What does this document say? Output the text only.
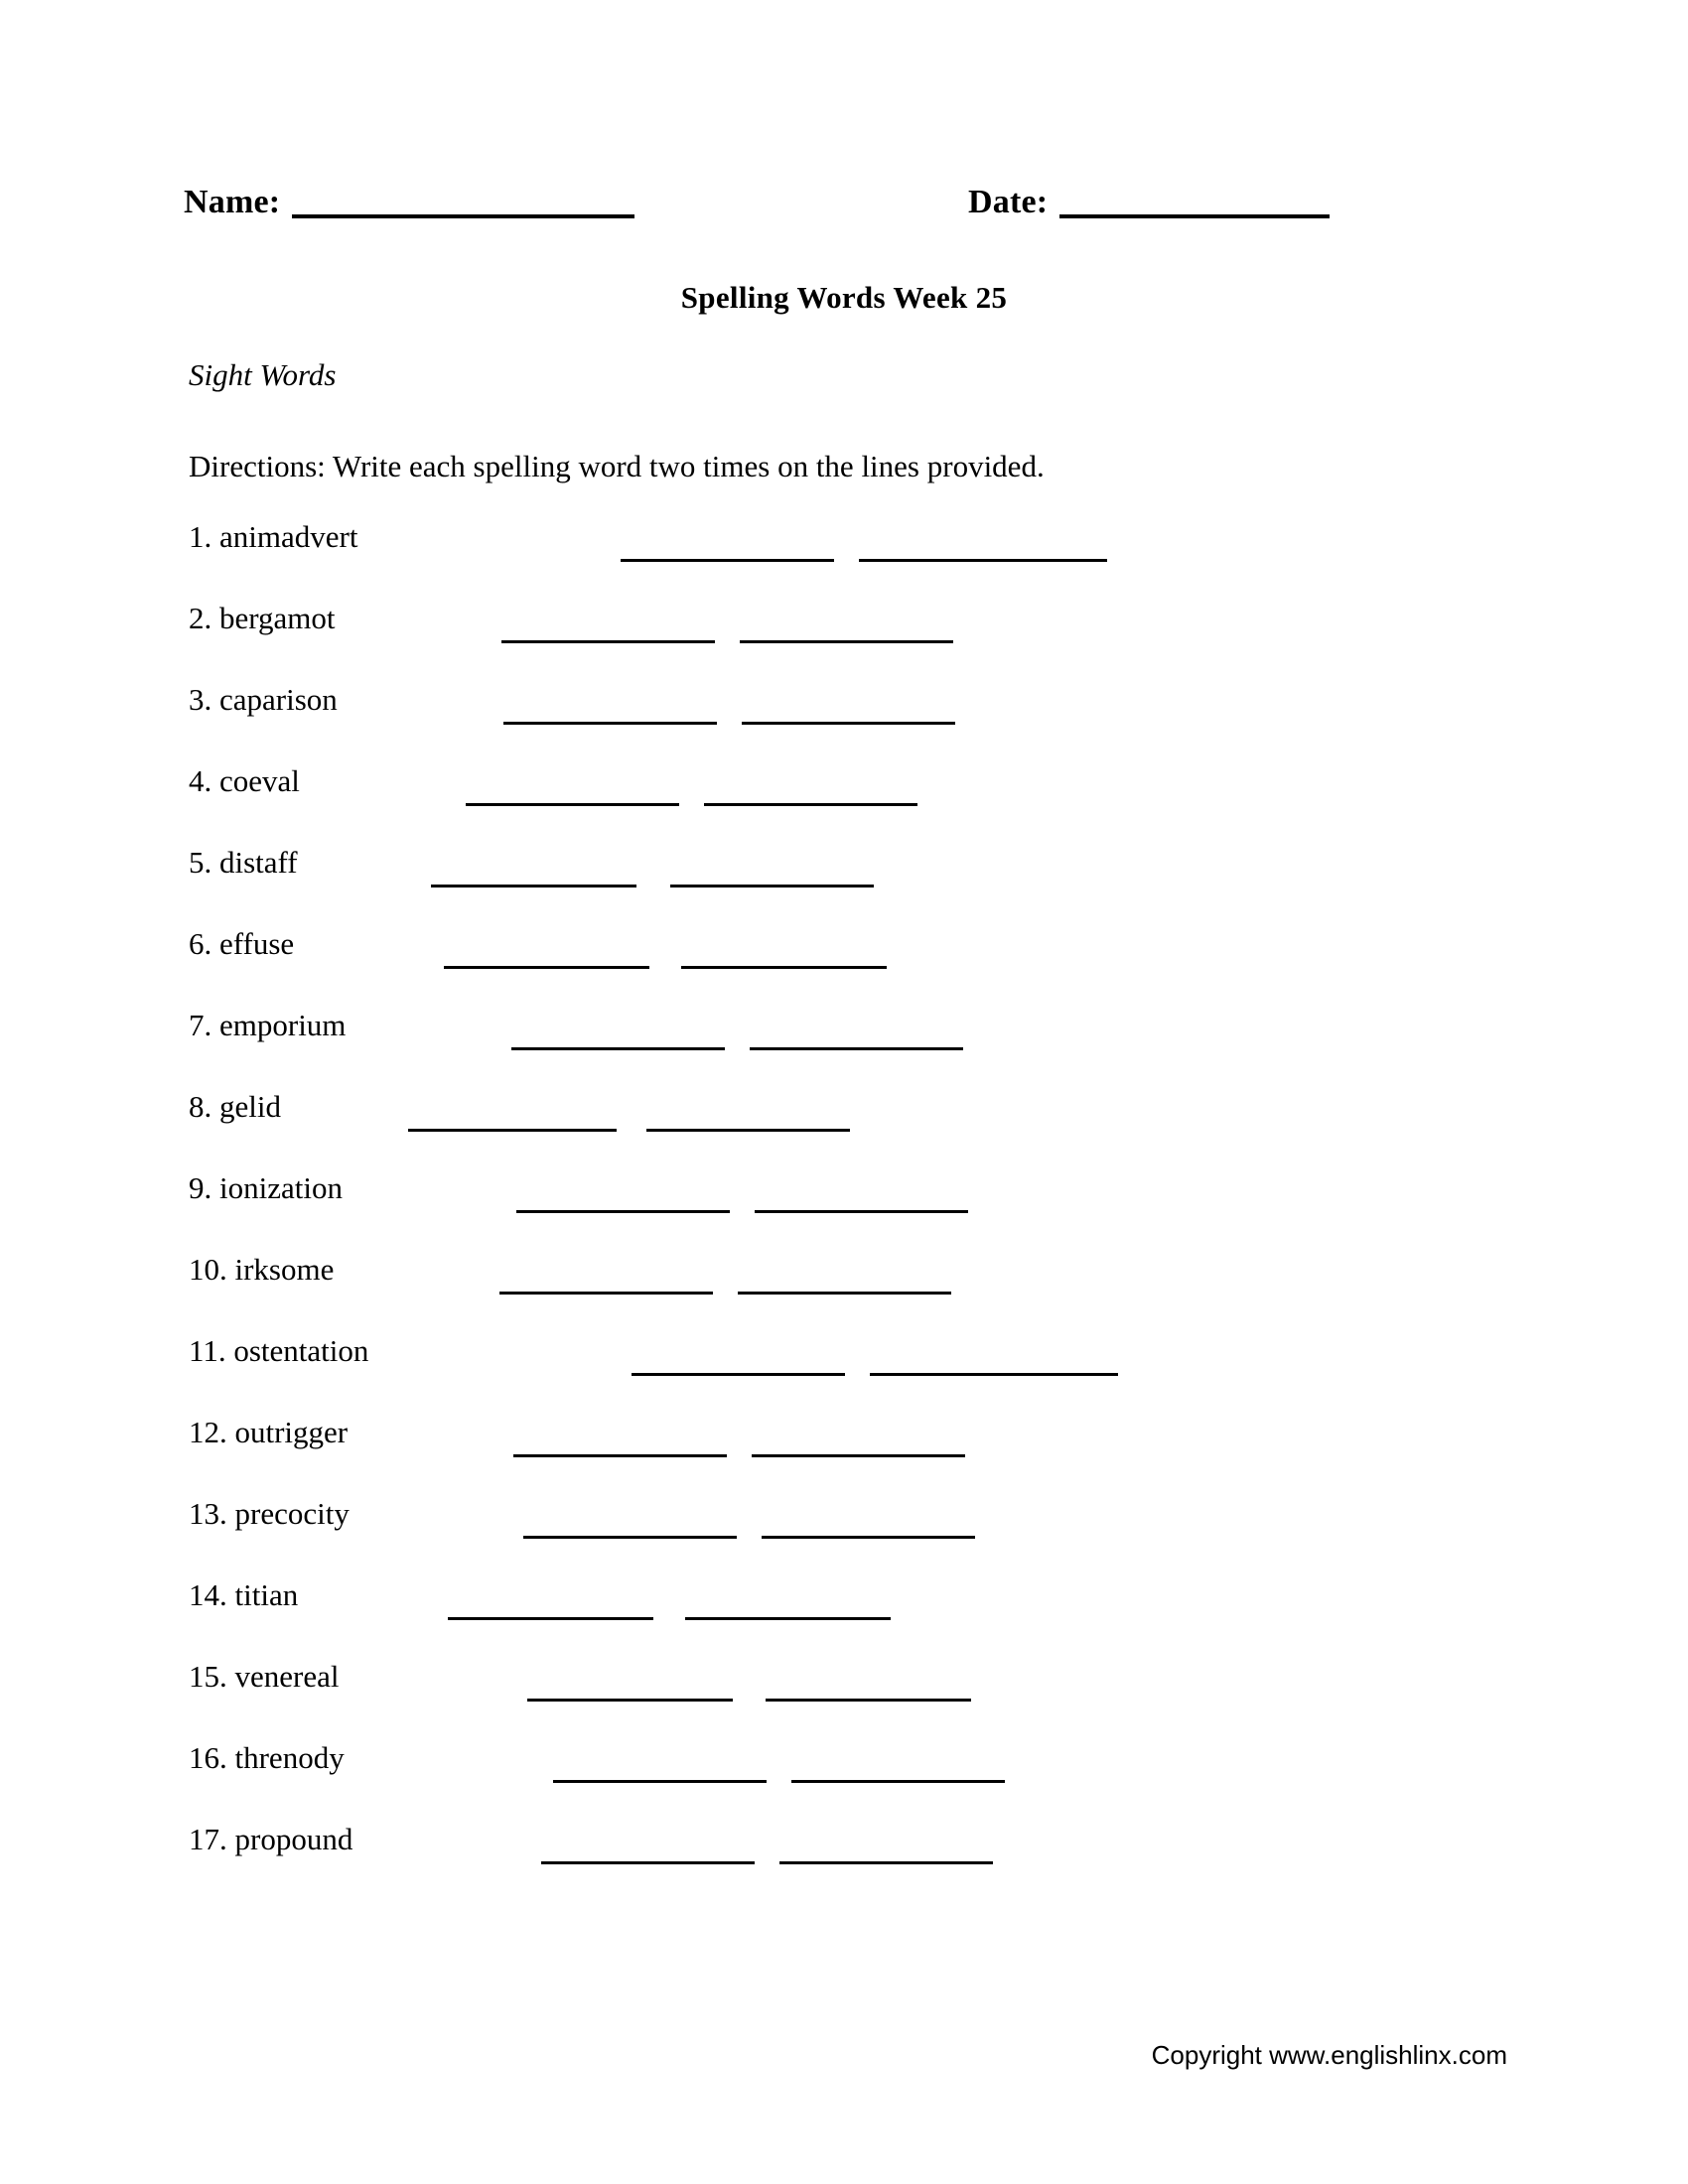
Name:	Date:
Spelling Words Week 25
Sight Words
Directions: Write each spelling word two times on the lines provided.
1. animadvert
2. bergamot
3. caparison
4. coeval
5. distaff
6. effuse
7. emporium
8. gelid
9. ionization
10. irksome
11. ostentation
12. outrigger
13. precocity
14. titian
15. venereal
16. threnody
17. propound
Copyright www.englishlinx.com
